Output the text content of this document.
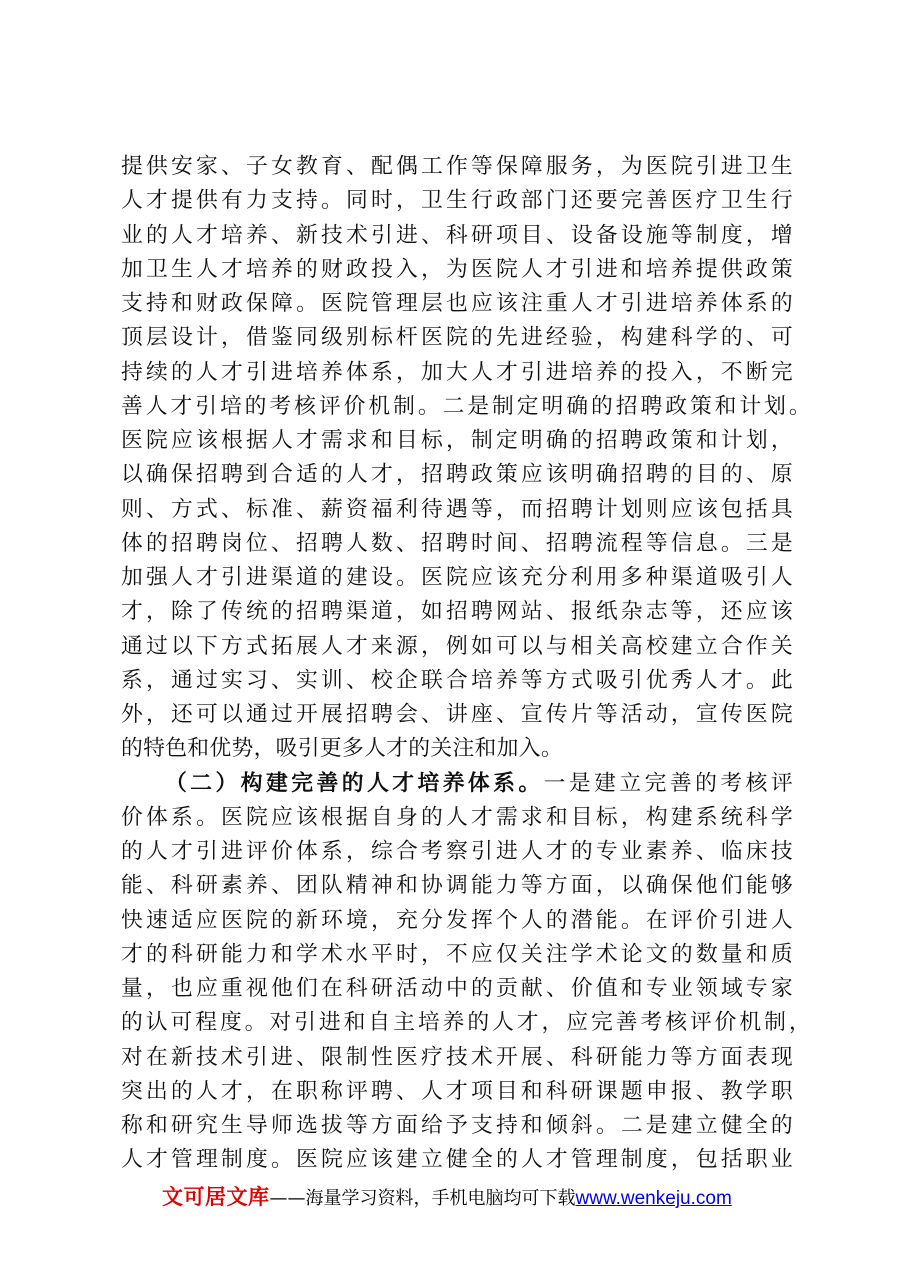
提供安家、子女教育、配偶工作等保障服务，为医院引进卫生
人才提供有力支持。同时，卫生行政部门还要完善医疗卫生行
业的人才培养、新技术引进、科研项目、设备设施等制度，增
加卫生人才培养的财政投入，为医院人才引进和培养提供政策
支持和财政保障。医院管理层也应该注重人才引进培养体系的
顶层设计，借鉴同级别标杆医院的先进经验，构建科学的、可
持续的人才引进培养体系，加大人才引进培养的投入，不断完
善人才引培的考核评价机制。二是制定明确的招聘政策和计划。
医院应该根据人才需求和目标，制定明确的招聘政策和计划，
以确保招聘到合适的人才，招聘政策应该明确招聘的目的、原
则、方式、标准、薪资福利待遇等，而招聘计划则应该包括具
体的招聘岗位、招聘人数、招聘时间、招聘流程等信息。三是
加强人才引进渠道的建设。医院应该充分利用多种渠道吸引人
才，除了传统的招聘渠道，如招聘网站、报纸杂志等，还应该
通过以下方式拓展人才来源，例如可以与相关高校建立合作关
系，通过实习、实训、校企联合培养等方式吸引优秀人才。此
外，还可以通过开展招聘会、讲座、宣传片等活动，宣传医院
的特色和优势，吸引更多人才的关注和加入。
（二）构建完善的人才培养体系。一是建立完善的考核评
价体系。医院应该根据自身的人才需求和目标，构建系统科学
的人才引进评价体系，综合考察引进人才的专业素养、临床技
能、科研素养、团队精神和协调能力等方面，以确保他们能够
快速适应医院的新环境，充分发挥个人的潜能。在评价引进人
才的科研能力和学术水平时，不应仅关注学术论文的数量和质
量，也应重视他们在科研活动中的贡献、价值和专业领域专家
的认可程度。对引进和自主培养的人才，应完善考核评价机制，
对在新技术引进、限制性医疗技术开展、科研能力等方面表现
突出的人才，在职称评聘、人才项目和科研课题申报、教学职
称和研究生导师选拔等方面给予支持和倾斜。二是建立健全的
人才管理制度。医院应该建立健全的人才管理制度，包括职业
文可居文库——海量学习资料，手机电脑均可下载www.wenkeju.com
